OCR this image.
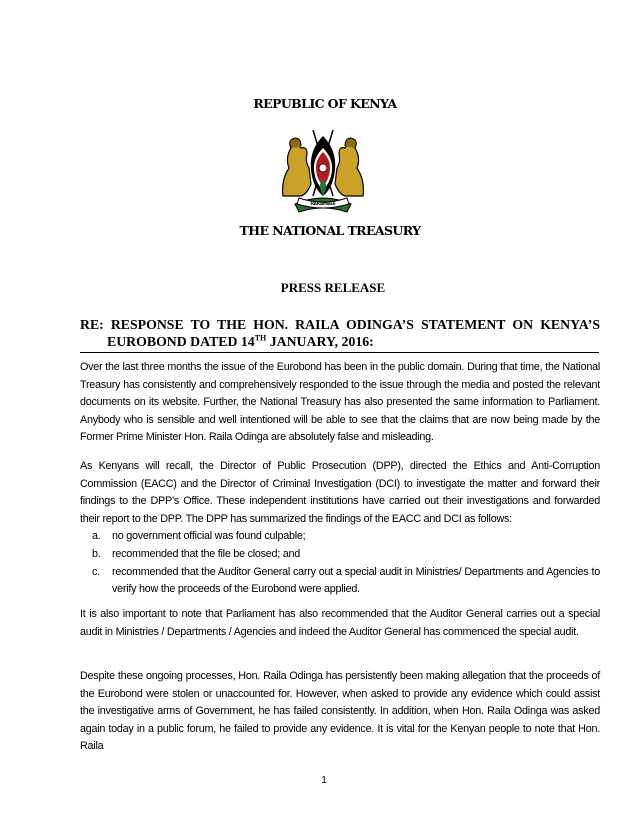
REPUBLIC OF KENYA
HARAMBEE
THE NATIONAL TREASURY
PRESS RELEASE
RE: RESPONSE TO THE HON. RAILA ODINGA’S STATEMENT ON KENYA’S
EUROBOND DATED 14TH JANUARY, 2016:
Over the last three months the issue of the Eurobond has been in the public domain. During that time, the National Treasury has consistently and comprehensively responded to the issue through the media and posted the relevant documents on its website. Further, the National Treasury has also presented the same information to Parliament. Anybody who is sensible and well intentioned will be able to see that the claims that are now being made by the Former Prime Minister Hon. Raila Odinga are absolutely false and misleading.
As Kenyans will recall, the Director of Public Prosecution (DPP), directed the Ethics and Anti-Corruption Commission (EACC) and the Director of Criminal Investigation (DCI) to investigate the matter and forward their findings to the DPP’s Office. These independent institutions have carried out their investigations and forwarded their report to the DPP. The DPP has summarized the findings of the EACC and DCI as follows:
a. no government official was found culpable;
b. recommended that the file be closed; and
c. recommended that the Auditor General carry out a special audit in Ministries/ Departments and Agencies to verify how the proceeds of the Eurobond were applied.
It is also important to note that Parliament has also recommended that the Auditor General carries out a special audit in Ministries / Departments / Agencies and indeed the Auditor General has commenced the special audit.
Despite these ongoing processes, Hon. Raila Odinga has persistently been making allegation that the proceeds of the Eurobond were stolen or unaccounted for. However, when asked to provide any evidence which could assist the investigative arms of Government, he has failed consistently. In addition, when Hon. Raila Odinga was asked again today in a public forum, he failed to provide any evidence. It is vital for the Kenyan people to note that Hon. Raila
1
